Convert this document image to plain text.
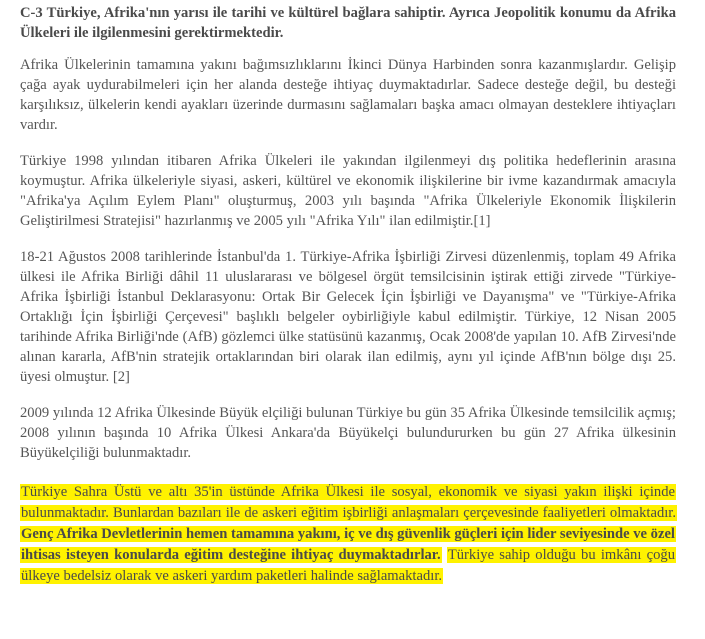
C-3 Türkiye, Afrika'nın yarısı ile tarihi ve kültürel bağlara sahiptir. Ayrıca Jeopolitik konumu da Afrika Ülkeleri ile ilgilenmesini gerektirmektedir.

Afrika Ülkelerinin tamamına yakını bağımsızlıklarını İkinci Dünya Harbinden sonra kazanmışlardır. Gelişip çağa ayak uydurabilmeleri için her alanda desteğe ihtiyaç duymaktadırlar. Sadece desteğe değil, bu desteği karşılıksız, ülkelerin kendi ayakları üzerinde durmasını sağlamaları başka amacı olmayan desteklere ihtiyaçları vardır.

Türkiye 1998 yılından itibaren Afrika Ülkeleri ile yakından ilgilenmeyi dış politika hedeflerinin arasına koymuştur. Afrika ülkeleriyle siyasi, askeri, kültürel ve ekonomik ilişkilerine bir ivme kazandırmak amacıyla "Afrika'ya Açılım Eylem Planı" oluşturmuş, 2003 yılı başında "Afrika Ülkeleriyle Ekonomik İlişkilerin Geliştirilmesi Stratejisi" hazırlanmış ve 2005 yılı "Afrika Yılı" ilan edilmiştir.[1]

18-21 Ağustos 2008 tarihlerinde İstanbul'da 1. Türkiye-Afrika İşbirliği Zirvesi düzenlenmiş, toplam 49 Afrika ülkesi ile Afrika Birliği dâhil 11 uluslararası ve bölgesel örgüt temsilcisinin iştirak ettiği zirvede "Türkiye-Afrika İşbirliği İstanbul Deklarasyonu: Ortak Bir Gelecek İçin İşbirliği ve Dayanışma" ve "Türkiye-Afrika Ortaklığı İçin İşbirliği Çerçevesi" başlıklı belgeler oybirliğiyle kabul edilmiştir. Türkiye, 12 Nisan 2005 tarihinde Afrika Birliği'nde (AfB) gözlemci ülke statüsünü kazanmış, Ocak 2008'de yapılan 10. AfB Zirvesi'nde alınan kararla, AfB'nin stratejik ortaklarından biri olarak ilan edilmiş, aynı yıl içinde AfB'nın bölge dışı 25. üyesi olmuştur. [2]

2009 yılında 12 Afrika Ülkesinde Büyük elçiliği bulunan Türkiye bu gün 35 Afrika Ülkesinde temsilcilik açmış; 2008 yılının başında 10 Afrika Ülkesi Ankara'da Büyükelçi bulundururken bu gün 27 Afrika ülkesinin Büyükelçiliği bulunmaktadır.

Türkiye Sahra Üstü ve altı 35'in üstünde Afrika Ülkesi ile sosyal, ekonomik ve siyasi yakın ilişki içinde bulunmaktadır. Bunlardan bazıları ile de askeri eğitim işbirliği anlaşmaları çerçevesinde faaliyetleri olmaktadır. Genç Afrika Devletlerinin hemen tamamına yakını, iç ve dış güvenlik güçleri için lider seviyesinde ve özel ihtisas isteyen konularda eğitim desteğine ihtiyaç duymaktadırlar. Türkiye sahip olduğu bu imkânı çoğu ülkeye bedelsiz olarak ve askeri yardım paketleri halinde sağlamaktadır.
